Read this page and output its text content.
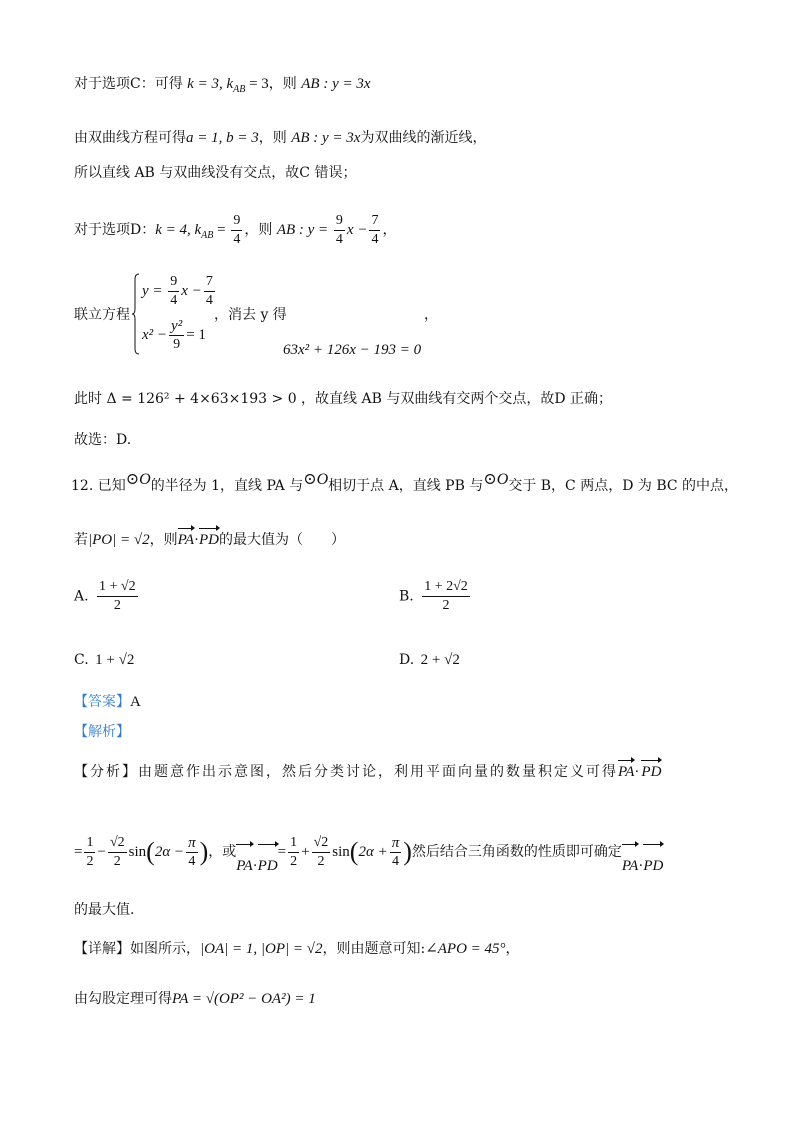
对于选项C：可得 k = 3, $k_{AB} = 3$，则 AB : y = 3x
由双曲线方程可得a = 1, b = 3，则 AB : y = 3x为双曲线的渐近线，
所以直线 AB 与双曲线没有交点，故C 错误；
对于选项D：k = 4, $k_{AB} = \frac{9}{4}$ ，则 AB : $y = \frac{9}{4}$ $x - \frac{7}{4}$ ，
联立方程
$y = \frac{9}{4}$ $x - \frac{7}{4}$
$x^2 - \frac{\text{y²}}{9} = 1$
，消去 y 得	，
63x² + 126x − 193 = 0
此时 Δ = 126² + 4×63×193 > 0 ，故直线 AB 与双曲线有交两个交点，故D 正确；
故选：D.
12. 已知⊙O的半径为 1，直线 PA 与⊙O相切于点 A，直线 PB 与⊙O交于 B，C 两点，D 为 BC 的中点，
若|PO| = √2，则PA·PD的最大值为（　　）
A. $\frac{1 + √2}{2}$	B. $\frac{1 + 2√2}{2}$
C. 1 + √2	D. 2 + √2
【答案】A
【解析】
【分析】由题意作出示意图，然后分类讨论，利用平面向量的数量积定义可得PA·PD
= $\frac{1}{2} - \frac{√2}{2} \sin(2\alpha - \frac{\pi}{4}$ )，或$PA\cdot PD= \frac{1}{2} + \frac{√2}{2} \sin(2\alpha + \frac{\pi}{4}$ )然后结合三角函数的性质即可确定PA·PD
的最大值.
【详解】如图所示，|OA| = 1, |OP| = √2，则由题意可知:∠APO = 45°，
由勾股定理可得PA = √(OP² − OA²) = 1
